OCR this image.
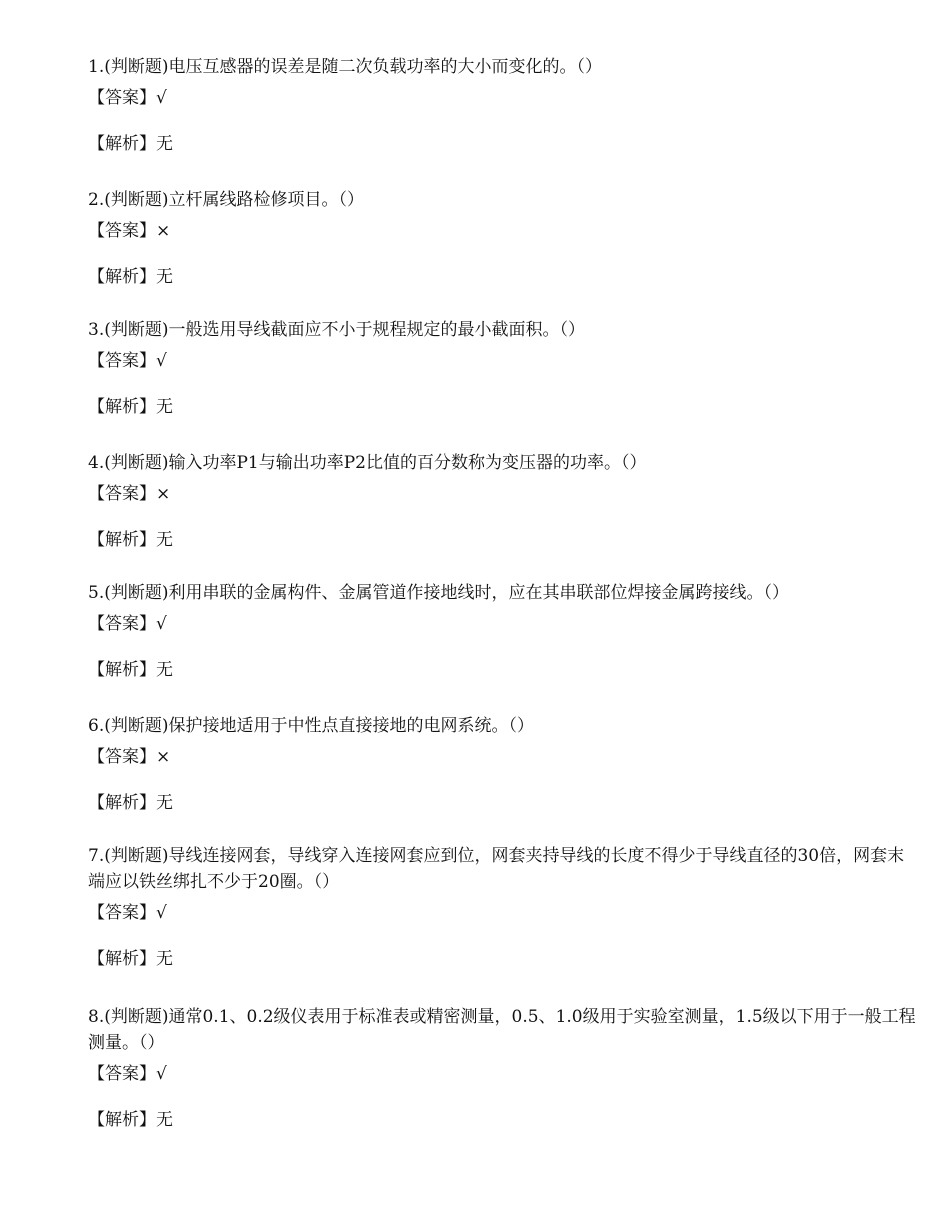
1.(判断题)电压互感器的误差是随二次负载功率的大小而变化的。（）

【答案】√

【解析】无

2.(判断题)立杆属线路检修项目。（）

【答案】×

【解析】无

3.(判断题)一般选用导线截面应不小于规程规定的最小截面积。（）

【答案】√

【解析】无

4.(判断题)输入功率P1与输出功率P2比值的百分数称为变压器的功率。（）

【答案】×

【解析】无

5.(判断题)利用串联的金属构件、金属管道作接地线时，应在其串联部位焊接金属跨接线。（）

【答案】√

【解析】无

6.(判断题)保护接地适用于中性点直接接地的电网系统。（）

【答案】×

【解析】无

7.(判断题)导线连接网套，导线穿入连接网套应到位，网套夹持导线的长度不得少于导线直径的30倍，网套末端应以铁丝绑扎不少于20圈。（）

【答案】√

【解析】无

8.(判断题)通常0.1、0.2级仪表用于标准表或精密测量，0.5、1.0级用于实验室测量，1.5级以下用于一般工程测量。（）

【答案】√

【解析】无
